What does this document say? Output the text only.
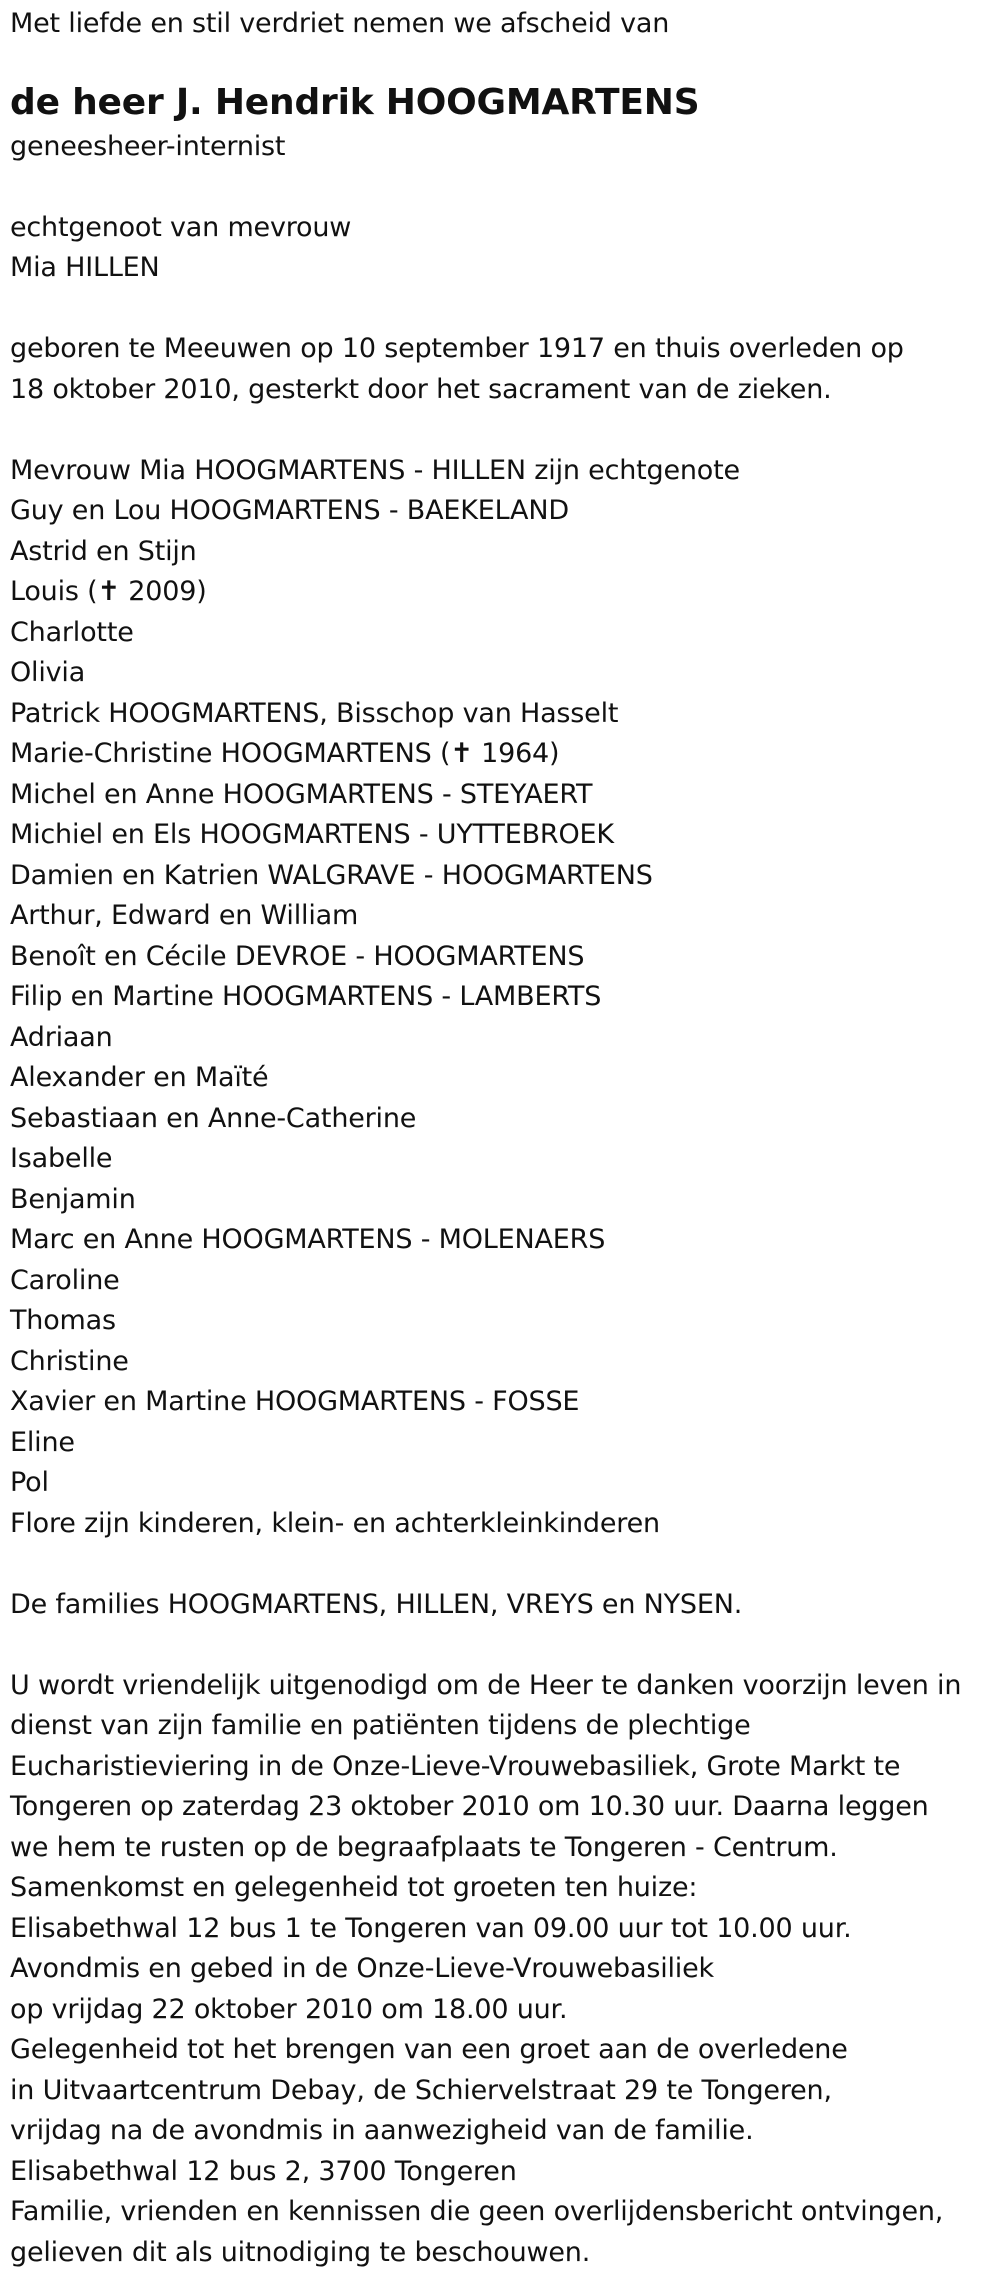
Met liefde en stil verdriet nemen we afscheid van
de heer J. Hendrik HOOGMARTENS
geneesheer-internist
echtgenoot van mevrouw
Mia HILLEN
geboren te Meeuwen op 10 september 1917 en thuis overleden op
18 oktober 2010, gesterkt door het sacrament van de zieken.
Mevrouw Mia HOOGMARTENS - HILLEN zijn echtgenote
Guy en Lou HOOGMARTENS - BAEKELAND
Astrid en Stijn
Louis (✝ 2009)
Charlotte
Olivia
Patrick HOOGMARTENS, Bisschop van Hasselt
Marie-Christine HOOGMARTENS (✝ 1964)
Michel en Anne HOOGMARTENS - STEYAERT
Michiel en Els HOOGMARTENS - UYTTEBROEK
Damien en Katrien WALGRAVE - HOOGMARTENS
Arthur, Edward en William
Benoît en Cécile DEVROE - HOOGMARTENS
Filip en Martine HOOGMARTENS - LAMBERTS
Adriaan
Alexander en Maïté
Sebastiaan en Anne-Catherine
Isabelle
Benjamin
Marc en Anne HOOGMARTENS - MOLENAERS
Caroline
Thomas
Christine
Xavier en Martine HOOGMARTENS - FOSSE
Eline
Pol
Flore zijn kinderen, klein- en achterkleinkinderen
De families HOOGMARTENS, HILLEN, VREYS en NYSEN.
U wordt vriendelijk uitgenodigd om de Heer te danken voorzijn leven in
dienst van zijn familie en patiënten tijdens de plechtige
Eucharistieviering in de Onze-Lieve-Vrouwebasiliek, Grote Markt te
Tongeren op zaterdag 23 oktober 2010 om 10.30 uur. Daarna leggen
we hem te rusten op de begraafplaats te Tongeren - Centrum.
Samenkomst en gelegenheid tot groeten ten huize:
Elisabethwal 12 bus 1 te Tongeren van 09.00 uur tot 10.00 uur.
Avondmis en gebed in de Onze-Lieve-Vrouwebasiliek
op vrijdag 22 oktober 2010 om 18.00 uur.
Gelegenheid tot het brengen van een groet aan de overledene
in Uitvaartcentrum Debay, de Schiervelstraat 29 te Tongeren,
vrijdag na de avondmis in aanwezigheid van de familie.
Elisabethwal 12 bus 2, 3700 Tongeren
Familie, vrienden en kennissen die geen overlijdensbericht ontvingen,
gelieven dit als uitnodiging te beschouwen.
